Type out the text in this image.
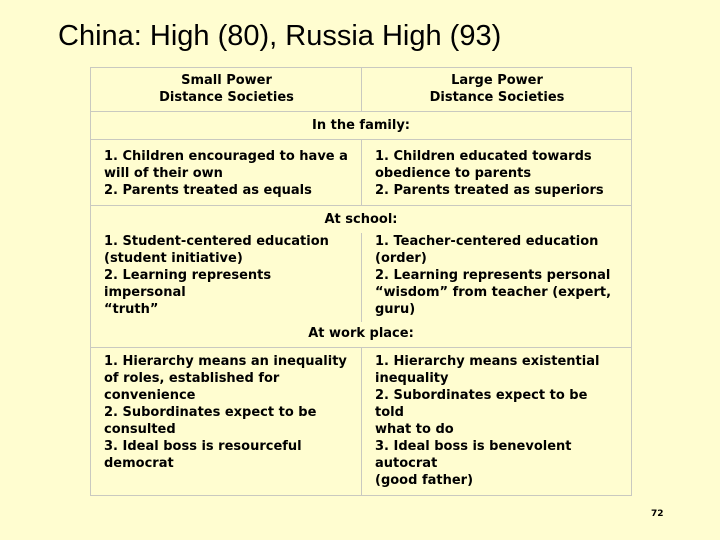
China: High (80), Russia High (93)
Small Power
Distance Societies
Large Power
Distance Societies
In the family:
1. Children encouraged to have a
will of their own
2. Parents treated as equals
1. Children educated towards
obedience to parents
2. Parents treated as superiors
At school:
1. Student-centered education
(student initiative)
2. Learning represents impersonal
“truth”
1. Teacher-centered education
(order)
2. Learning represents personal
“wisdom” from teacher (expert,
guru)
At work place:
1. Hierarchy means an inequality
of roles, established for
convenience
2. Subordinates expect to be
consulted
3. Ideal boss is resourceful
democrat
1. Hierarchy means existential
inequality
2. Subordinates expect to be told
what to do
3. Ideal boss is benevolent
autocrat
(good father)
72
